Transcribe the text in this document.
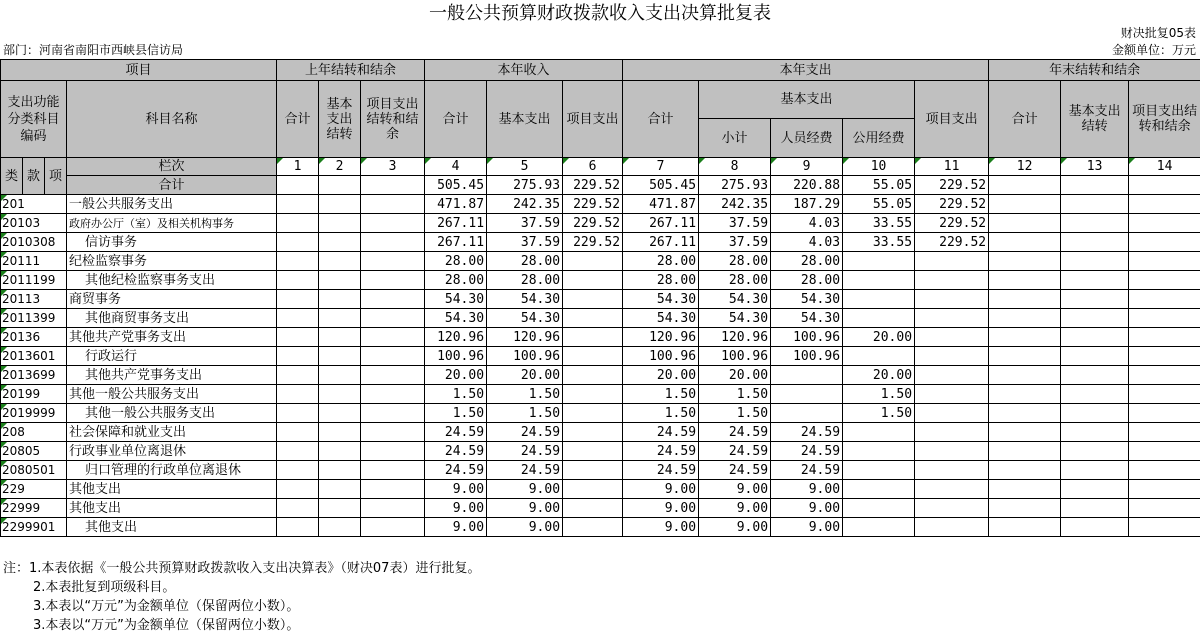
一般公共预算财政拨款收入支出决算批复表
财决批复05表
部门：河南省南阳市西峡县信访局	金额单位：万元
项目				上年结转和结余			本年收入			本年支出					年末结转和结余		
支出功能分类科目编码			科目名称	合计	基本支出结转	项目支出结转和结余	合计	基本支出	项目支出	合计	基本支出			项目支出	合计	基本支出结转	项目支出结转和结余
											小计	人员经费	公用经费				
类	款	项	栏次	1	2	3	4	5	6	7	8	9	10	11	12	13	14
			合计				505.45	275.93	229.52	505.45	275.93	220.88	55.05	229.52			
201			一般公共服务支出				471.87	242.35	229.52	471.87	242.35	187.29	55.05	229.52			
20103			政府办公厅（室）及相关机构事务				267.11	37.59	229.52	267.11	37.59	4.03	33.55	229.52			
2010308			信访事务				267.11	37.59	229.52	267.11	37.59	4.03	33.55	229.52			
20111			纪检监察事务				28.00	28.00		28.00	28.00	28.00					
2011199			其他纪检监察事务支出				28.00	28.00		28.00	28.00	28.00					
20113			商贸事务				54.30	54.30		54.30	54.30	54.30					
2011399			其他商贸事务支出				54.30	54.30		54.30	54.30	54.30					
20136			其他共产党事务支出				120.96	120.96		120.96	120.96	100.96	20.00				
2013601			行政运行				100.96	100.96		100.96	100.96	100.96					
2013699			其他共产党事务支出				20.00	20.00		20.00	20.00		20.00				
20199			其他一般公共服务支出				1.50	1.50		1.50	1.50		1.50				
2019999			其他一般公共服务支出				1.50	1.50		1.50	1.50		1.50				
208			社会保障和就业支出				24.59	24.59		24.59	24.59	24.59					
20805			行政事业单位离退休				24.59	24.59		24.59	24.59	24.59					
2080501			归口管理的行政单位离退休				24.59	24.59		24.59	24.59	24.59					
229			其他支出				9.00	9.00		9.00	9.00	9.00					
22999			其他支出				9.00	9.00		9.00	9.00	9.00					
2299901			其他支出				9.00	9.00		9.00	9.00	9.00					
注：1.本表依据《一般公共预算财政拨款收入支出决算表》（财决07表）进行批复。
2.本表批复到项级科目。
3.本表以“万元”为金额单位（保留两位小数）。
3.本表以“万元”为金额单位（保留两位小数）。
